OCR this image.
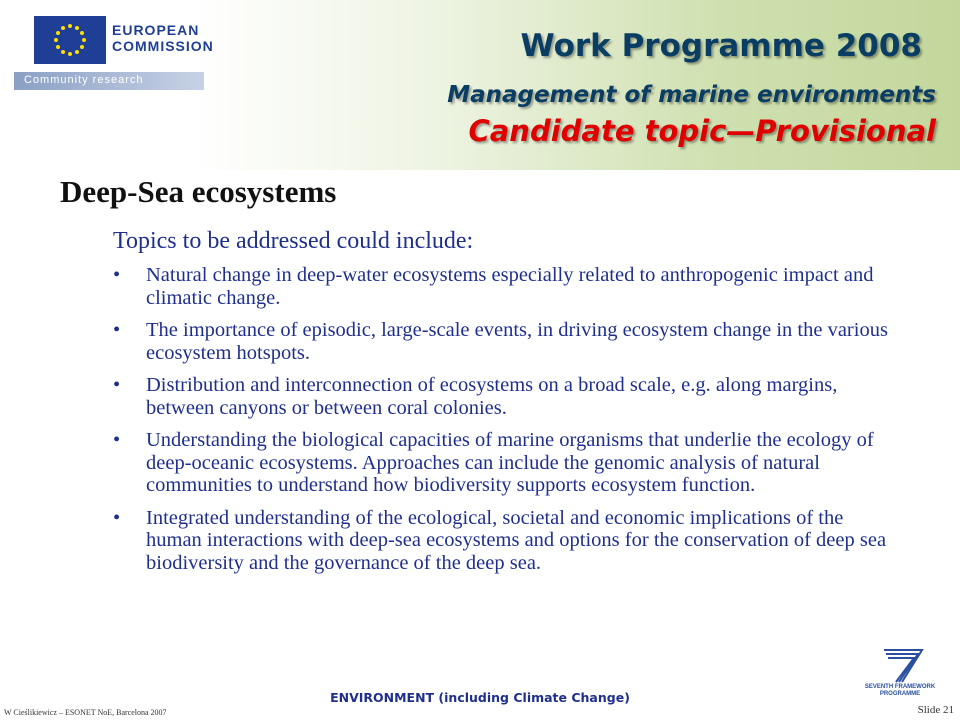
EUROPEAN
COMMISSION
Community research
Work Programme 2008
Management of marine environments
Candidate topic—Provisional
Deep-Sea ecosystems
Topics to be addressed could include:
• Natural change in deep-water ecosystems especially related to anthropogenic impact and climatic change.
• The importance of episodic, large-scale events, in driving ecosystem change in the various ecosystem hotspots.
• Distribution and interconnection of ecosystems on a broad scale, e.g. along margins, between canyons or between coral colonies.
• Understanding the biological capacities of marine organisms that underlie the ecology of deep-oceanic ecosystems. Approaches can include the genomic analysis of natural communities to understand how biodiversity supports ecosystem function.
• Integrated understanding of the ecological, societal and economic implications of the human interactions with deep-sea ecosystems and options for the conservation of deep sea biodiversity and the governance of the deep sea.
SEVENTH FRAMEWORK
PROGRAMME
ENVIRONMENT (including Climate Change)
W Cieślikiewicz – ESONET NoE, Barcelona 2007	Slide 21
